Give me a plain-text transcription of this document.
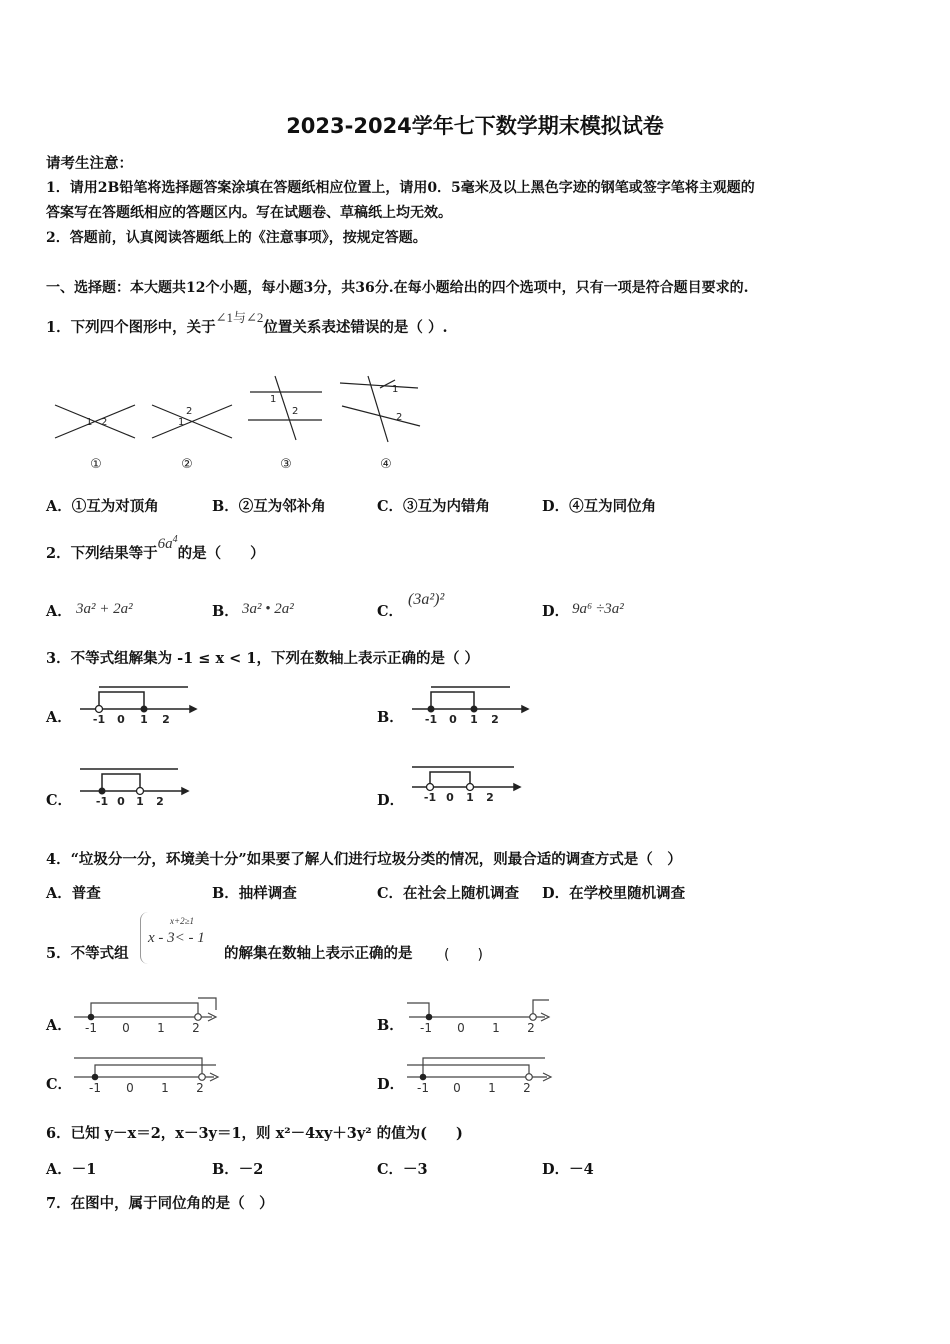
2023-2024学年七下数学期末模拟试卷
请考生注意：
1．请用2B铅笔将选择题答案涂填在答题纸相应位置上，请用0．5毫米及以上黑色字迹的钢笔或签字笔将主观题的
答案写在答题纸相应的答题区内。写在试题卷、草稿纸上均无效。
2．答题前，认真阅读答题纸上的《注意事项》，按规定答题。
一、选择题：本大题共12个小题，每小题3分，共36分.在每小题给出的四个选项中，只有一项是符合题目要求的.
1．下列四个图形中，关于∠1与∠2位置关系表述错误的是（ ）.
1 2
2
1
1
2
1
2
①	②	③	④
A．①互为对顶角	B．②互为邻补角	C．③互为内错角	D．④互为同位角
2．下列结果等于$6a^4$的是（　　）
A． 3a² + 2a²	B． 3a² • 2a²	C．
(3a²)²
D． 9a⁶ ÷3a²
3．不等式组解集为 -1 ≤ x < 1，下列在数轴上表示正确的是（ ）
A． -1 0 1 2	B． -1 0 1 2
C． -1 0 1 2	D． -1 0 1 2
4．“垃圾分一分，环境美十分”如果要了解人们进行垃圾分类的情况，则最合适的调查方式是（　）
A．普查	B．抽样调查	C．在社会上随机调查 D．在学校里随机调查
5．不等式组
x+2≥1
x - 3< - 1
的解集在数轴上表示正确的是 (　　)
A． -1 0 1 2	B． -1 0 1 2
C． -1 0 1 2	D． -1 0 1 2
6．已知 y－x＝2，x－3y＝1，则 x²－4xy＋3y² 的值为(　　)
A．－1	B．－2	C．－3	D．－4
7．在图中，属于同位角的是（　）
